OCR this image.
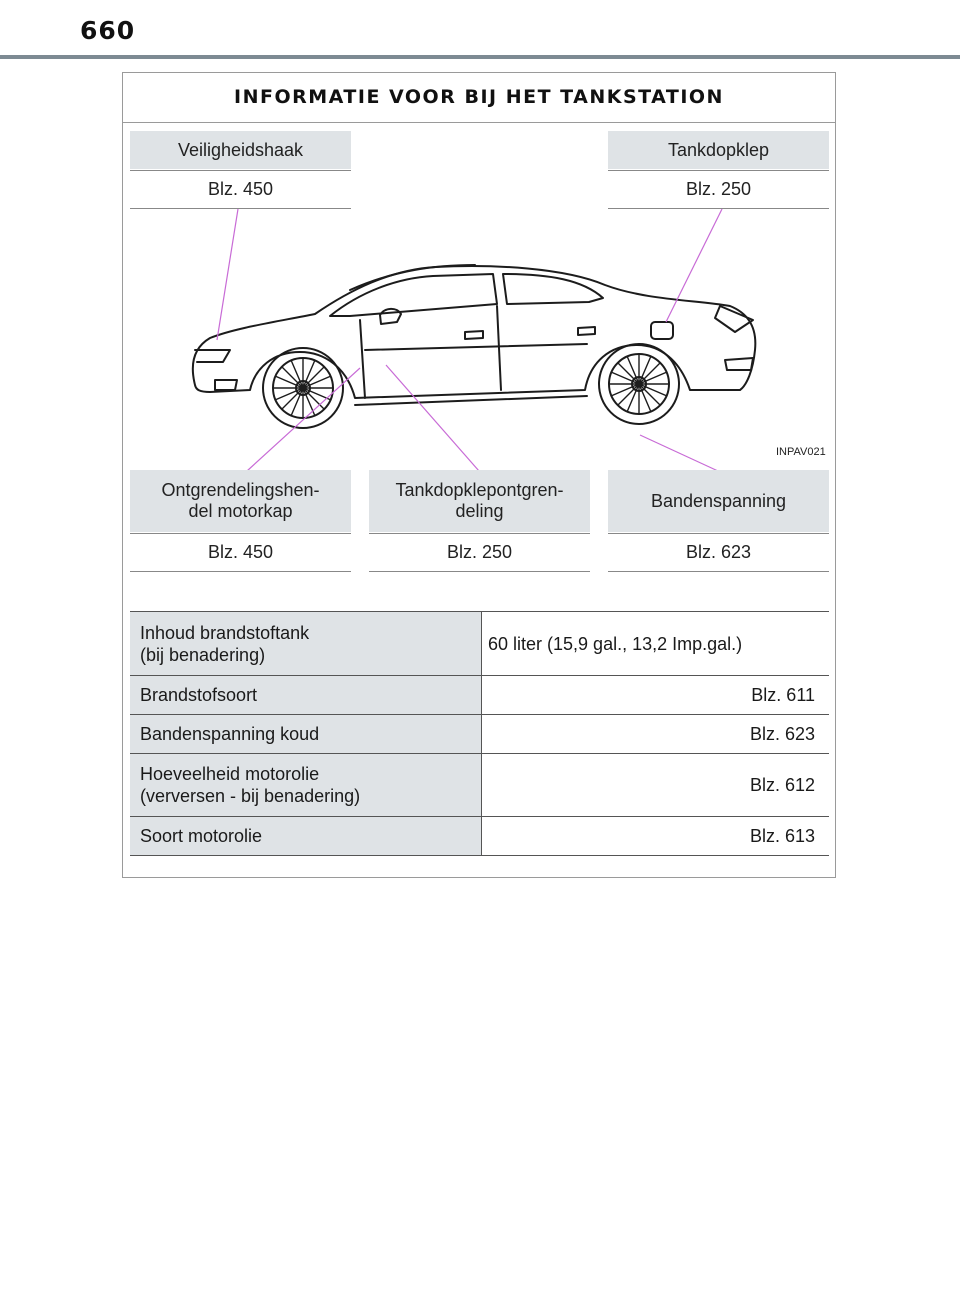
660
INFORMATIE VOOR BIJ HET TANKSTATION
Veiligheidshaak
Blz. 450
Tankdopklep
Blz. 250
INPAV021
Ontgrendelingshen-
del motorkap
Blz. 450
Tankdopklepontgren-
deling
Blz. 250
Bandenspanning
Blz. 623
Inhoud brandstoftank
(bij benadering)	60 liter (15,9 gal., 13,2 Imp.gal.)
Brandstofsoort	Blz. 611
Bandenspanning koud	Blz. 623
Hoeveelheid motorolie
(verversen - bij benadering)	Blz. 612
Soort motorolie	Blz. 613
